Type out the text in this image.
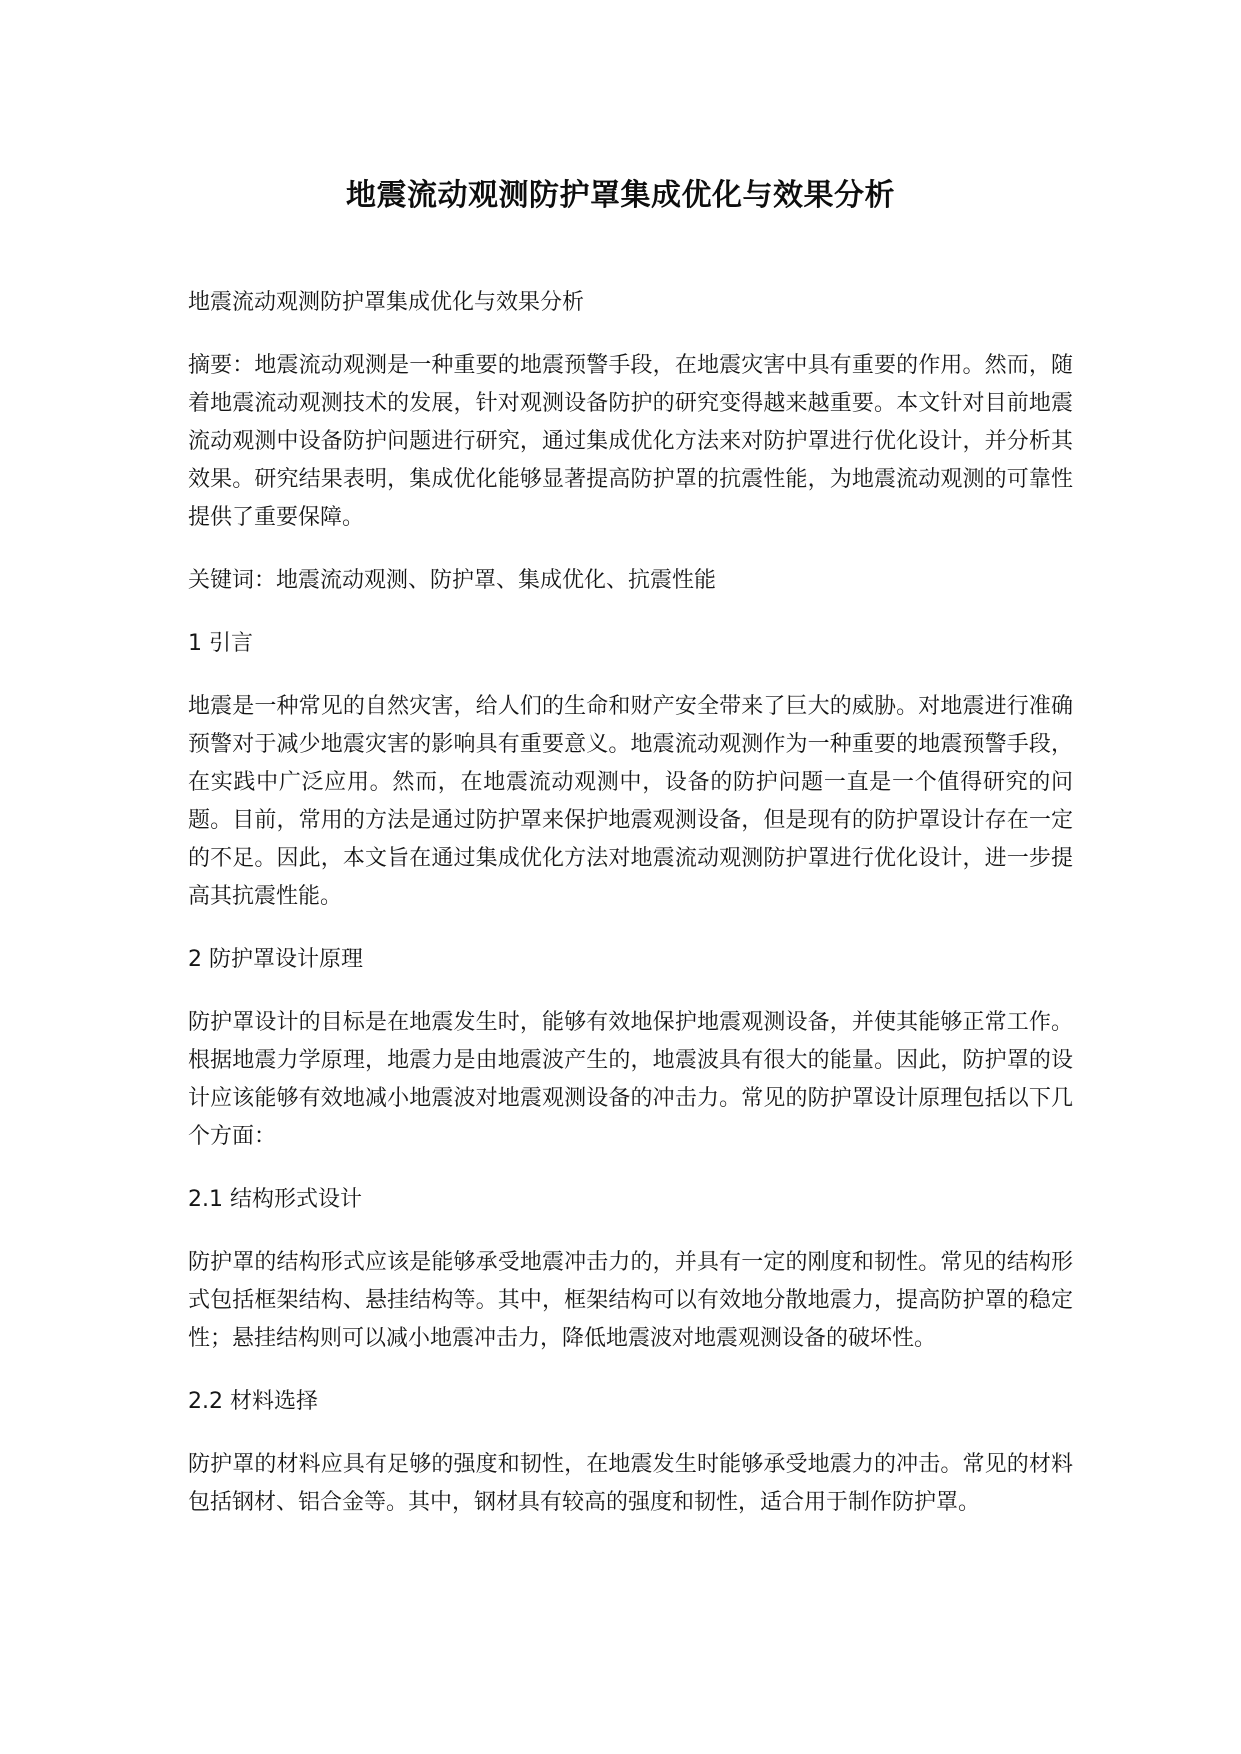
地震流动观测防护罩集成优化与效果分析

地震流动观测防护罩集成优化与效果分析

摘要：地震流动观测是一种重要的地震预警手段，在地震灾害中具有重要的作用。然而，随着地震流动观测技术的发展，针对观测设备防护的研究变得越来越重要。本文针对目前地震流动观测中设备防护问题进行研究，通过集成优化方法来对防护罩进行优化设计，并分析其效果。研究结果表明，集成优化能够显著提高防护罩的抗震性能，为地震流动观测的可靠性提供了重要保障。

关键词：地震流动观测、防护罩、集成优化、抗震性能

1 引言

地震是一种常见的自然灾害，给人们的生命和财产安全带来了巨大的威胁。对地震进行准确预警对于减少地震灾害的影响具有重要意义。地震流动观测作为一种重要的地震预警手段，在实践中广泛应用。然而，在地震流动观测中，设备的防护问题一直是一个值得研究的问题。目前，常用的方法是通过防护罩来保护地震观测设备，但是现有的防护罩设计存在一定的不足。因此，本文旨在通过集成优化方法对地震流动观测防护罩进行优化设计，进一步提高其抗震性能。

2 防护罩设计原理

防护罩设计的目标是在地震发生时，能够有效地保护地震观测设备，并使其能够正常工作。根据地震力学原理，地震力是由地震波产生的，地震波具有很大的能量。因此，防护罩的设计应该能够有效地减小地震波对地震观测设备的冲击力。常见的防护罩设计原理包括以下几个方面：

2.1 结构形式设计

防护罩的结构形式应该是能够承受地震冲击力的，并具有一定的刚度和韧性。常见的结构形式包括框架结构、悬挂结构等。其中，框架结构可以有效地分散地震力，提高防护罩的稳定性；悬挂结构则可以减小地震冲击力，降低地震波对地震观测设备的破坏性。

2.2 材料选择

防护罩的材料应具有足够的强度和韧性，在地震发生时能够承受地震力的冲击。常见的材料包括钢材、铝合金等。其中，钢材具有较高的强度和韧性，适合用于制作防护罩。
